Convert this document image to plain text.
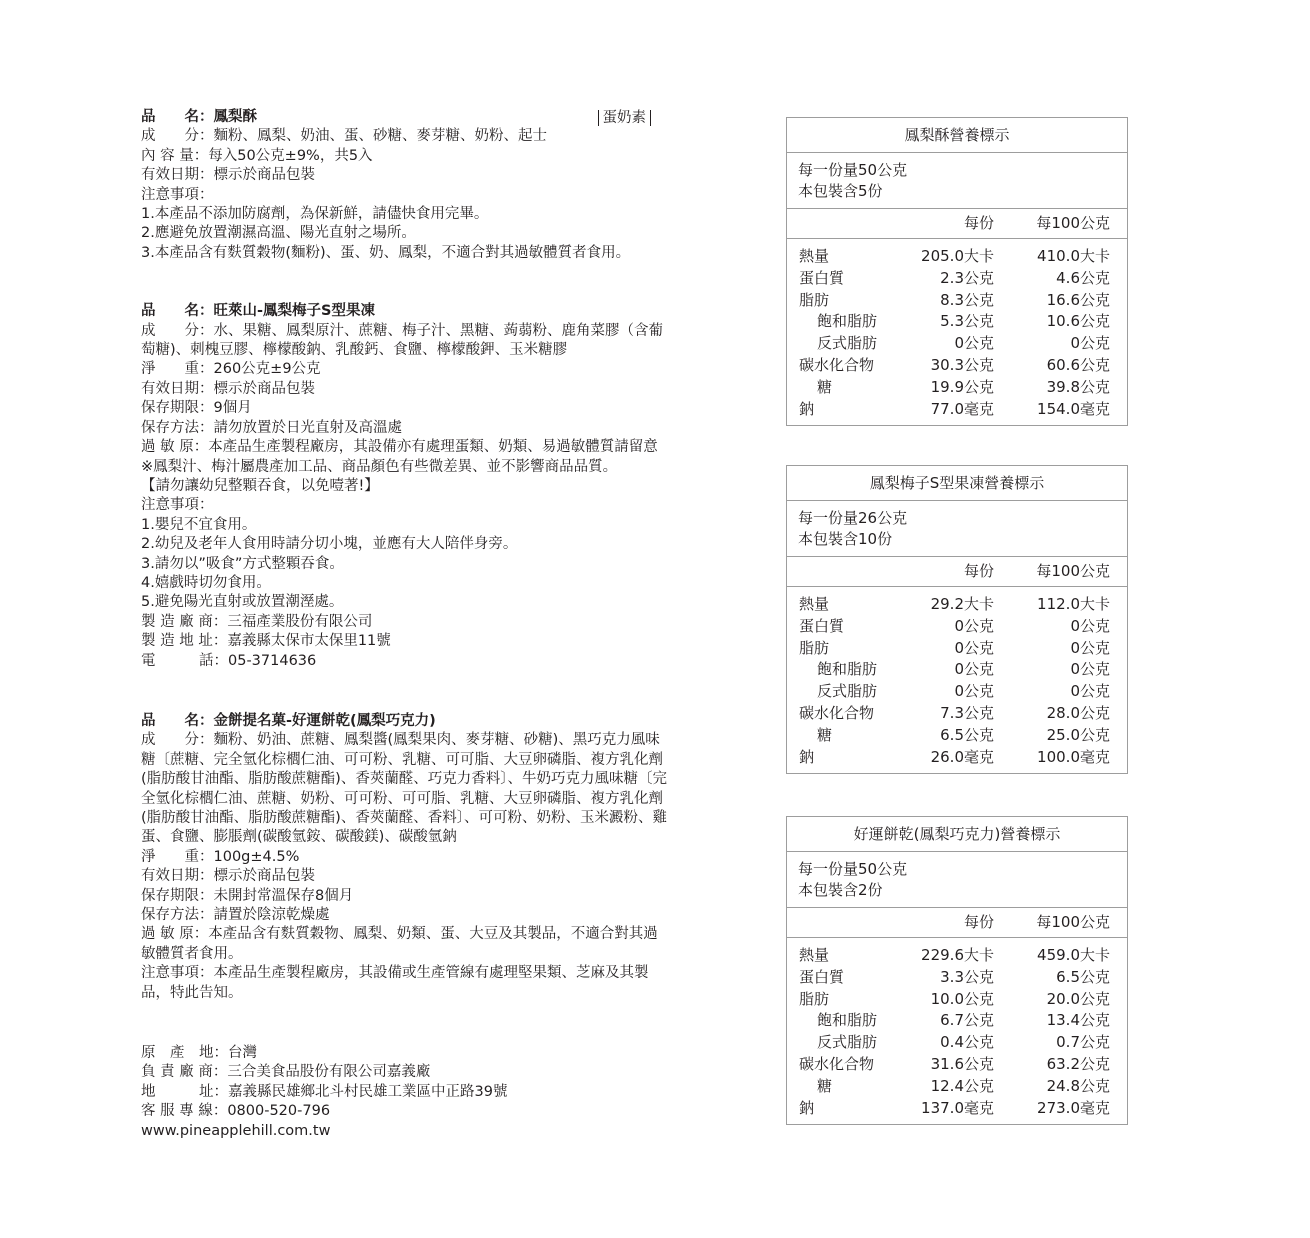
品　　名：鳳梨酥	蛋奶素
成　　分：麵粉、鳳梨、奶油、蛋、砂糖、麥芽糖、奶粉、起士
內 容 量：每入50公克±9%，共5入
有效日期：標示於商品包裝
注意事項：
1.本產品不添加防腐劑，為保新鮮，請儘快食用完畢。
2.應避免放置潮濕高溫、陽光直射之場所。
3.本產品含有麩質穀物(麵粉)、蛋、奶、鳳梨，不適合對其過敏體質者食用。
品　　名：旺萊山-鳳梨梅子S型果凍
成　　分：水、果糖、鳳梨原汁、蔗糖、梅子汁、黑糖、蒟蒻粉、鹿角菜膠（含葡萄糖)、刺槐豆膠、檸檬酸鈉、乳酸鈣、食鹽、檸檬酸鉀、玉米糖膠
淨　　重：260公克±9公克
有效日期：標示於商品包裝
保存期限：9個月
保存方法：請勿放置於日光直射及高溫處
過 敏 原：本產品生產製程廠房，其設備亦有處理蛋類、奶類、易過敏體質請留意
※鳳梨汁、梅汁屬農產加工品、商品顏色有些微差異、並不影響商品品質。
【請勿讓幼兒整顆吞食，以免噎著!】
注意事項：
1.嬰兒不宜食用。
2.幼兒及老年人食用時請分切小塊，並應有大人陪伴身旁。
3.請勿以”吸食”方式整顆吞食。
4.嬉戲時切勿食用。
5.避免陽光直射或放置潮溼處。
製 造 廠 商：三福產業股份有限公司
製 造 地 址：嘉義縣太保市太保里11號
電　　　話：05-3714636
品　　名：金餅提名菓-好運餅乾(鳳梨巧克力)
成　　分：麵粉、奶油、蔗糖、鳳梨醬(鳳梨果肉、麥芽糖、砂糖)、黑巧克力風味糖〔蔗糖、完全氫化棕櫚仁油、可可粉、乳糖、可可脂、大豆卵磷脂、複方乳化劑(脂肪酸甘油酯、脂肪酸蔗糖酯)、香莢蘭醛、巧克力香料〕、牛奶巧克力風味糖〔完全氫化棕櫚仁油、蔗糖、奶粉、可可粉、可可脂、乳糖、大豆卵磷脂、複方乳化劑(脂肪酸甘油酯、脂肪酸蔗糖酯)、香莢蘭醛、香料〕、可可粉、奶粉、玉米澱粉、雞蛋、食鹽、膨脹劑(碳酸氫銨、碳酸鎂)、碳酸氫鈉
淨　　重：100g±4.5%
有效日期：標示於商品包裝
保存期限：未開封常溫保存8個月
保存方法：請置於陰涼乾燥處
過 敏 原：本產品含有麩質穀物、鳳梨、奶類、蛋、大豆及其製品，不適合對其過敏體質者食用。
注意事項：本產品生產製程廠房，其設備或生產管線有處理堅果類、芝麻及其製品，特此告知。
原　產　地：台灣
負 責 廠 商：三合美食品股份有限公司嘉義廠
地　　　址：嘉義縣民雄鄉北斗村民雄工業區中正路39號
客 服 專 線：0800-520-796
www.pineapplehill.com.tw
鳳梨酥營養標示
每一份量50公克
本包裝含5份
每份	每100公克
熱量	205.0大卡	410.0大卡
蛋白質	2.3公克	4.6公克
脂肪	8.3公克	16.6公克
飽和脂肪	5.3公克	10.6公克
反式脂肪	0公克	0公克
碳水化合物	30.3公克	60.6公克
糖	19.9公克	39.8公克
鈉	77.0毫克	154.0毫克
鳳梨梅子S型果凍營養標示
每一份量26公克
本包裝含10份
每份	每100公克
熱量	29.2大卡	112.0大卡
蛋白質	0公克	0公克
脂肪	0公克	0公克
飽和脂肪	0公克	0公克
反式脂肪	0公克	0公克
碳水化合物	7.3公克	28.0公克
糖	6.5公克	25.0公克
鈉	26.0毫克	100.0毫克
好運餅乾(鳳梨巧克力)營養標示
每一份量50公克
本包裝含2份
每份	每100公克
熱量	229.6大卡	459.0大卡
蛋白質	3.3公克	6.5公克
脂肪	10.0公克	20.0公克
飽和脂肪	6.7公克	13.4公克
反式脂肪	0.4公克	0.7公克
碳水化合物	31.6公克	63.2公克
糖	12.4公克	24.8公克
鈉	137.0毫克	273.0毫克
